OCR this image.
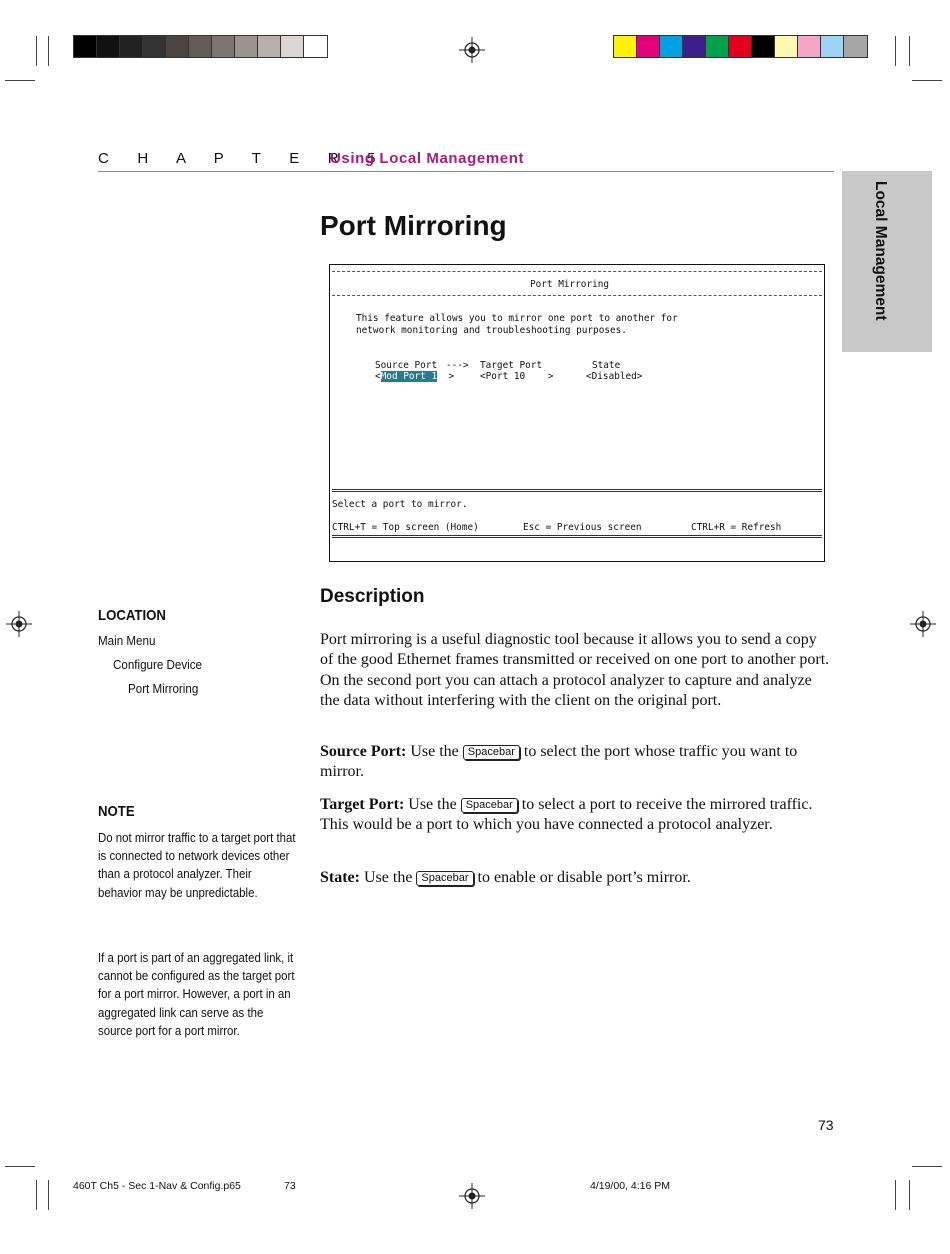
C H A P T E R 5
Using Local Management
Local Management
Port Mirroring
Port Mirroring
This feature allows you to mirror one port to another for
network monitoring and troubleshooting purposes.
Source Port ---> Target Port	State
<Mod Port 1  >	<Port 10    >	<Disabled>
Select a port to mirror.
CTRL+T = Top screen (Home)	Esc = Previous screen	CTRL+R = Refresh
Description

Port mirroring is a useful diagnostic tool because it allows you to send a copy of the good Ethernet frames transmitted or received on one port to another port. On the second port you can attach a protocol analyzer to capture and analyze the data without interfering with the client on the original port.

Source Port: Use the Spacebar to select the port whose traffic you want to mirror.

Target Port: Use the Spacebar to select a port to receive the mirrored traffic. This would be a port to which you have connected a protocol analyzer.

State: Use the Spacebar to enable or disable port’s mirror.

LOCATION
Main Menu
Configure Device
Port Mirroring
NOTE
Do not mirror traffic to a target port that is connected to network devices other than a protocol analyzer. Their behavior may be unpredictable.
If a port is part of an aggregated link, it cannot be configured as the target port for a port mirror. However, a port in an aggregated link can serve as the source port for a port mirror.
73
460T Ch5 - Sec 1-Nav & Config.p65	73	4/19/00, 4:16 PM
